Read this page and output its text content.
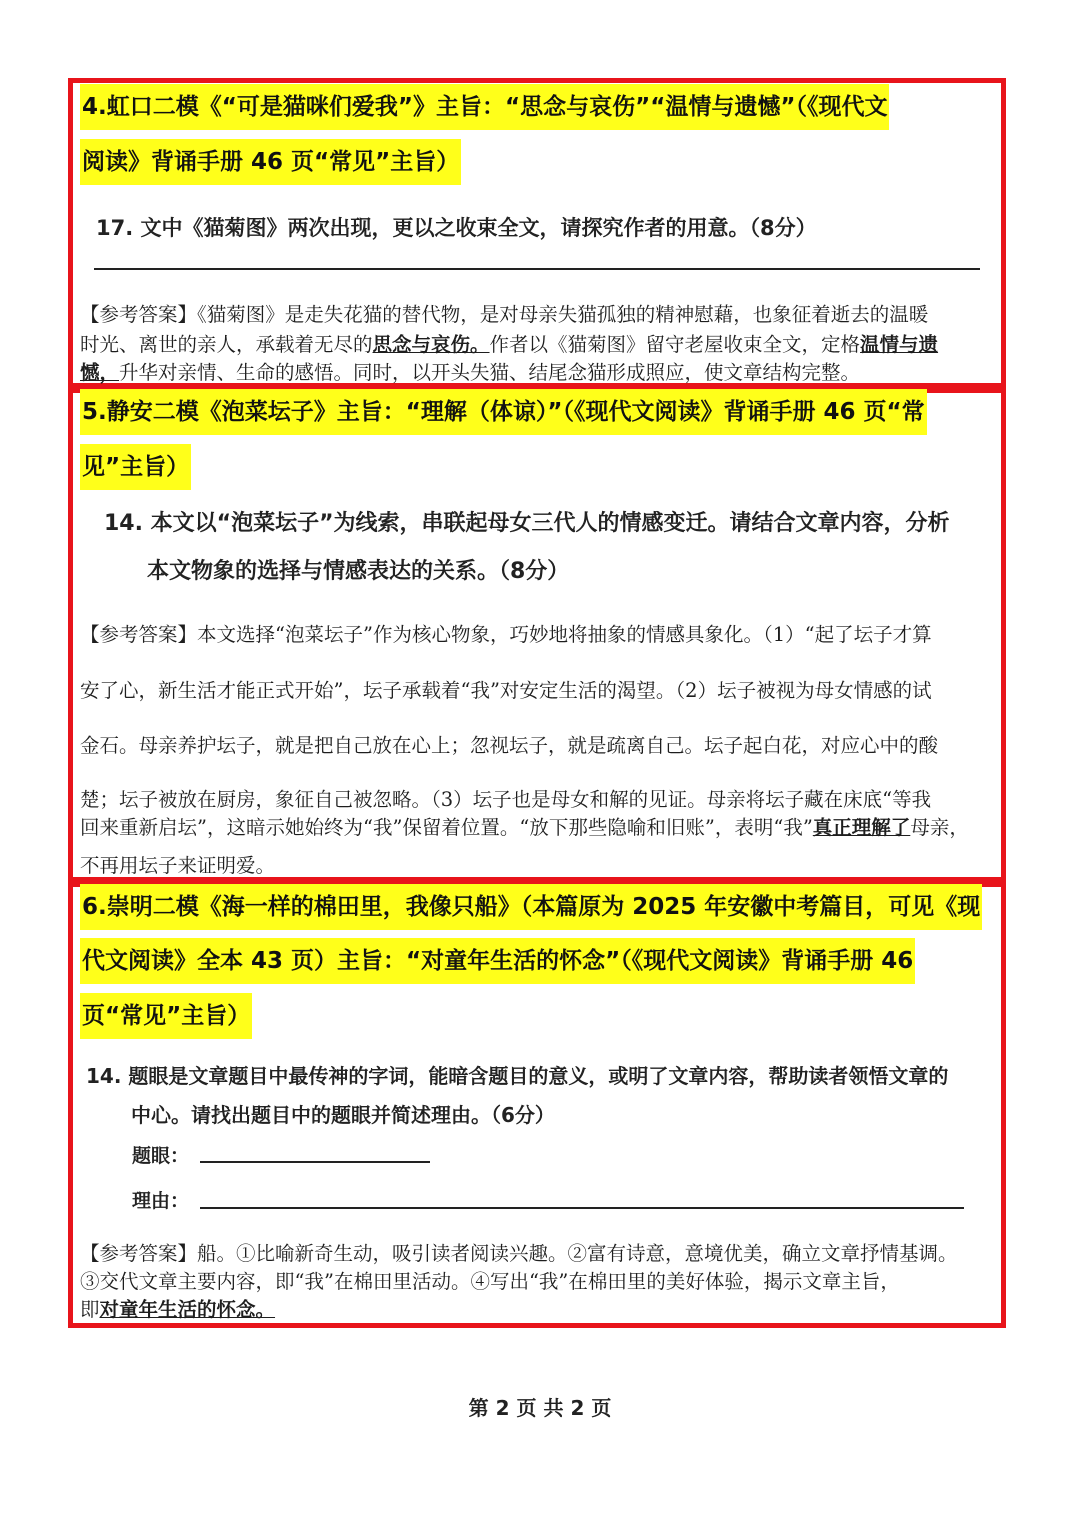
4.虹口二模《“可是猫咪们爱我”》主旨：“思念与哀伤”“温情与遗憾”（《现代文
阅读》背诵手册 46 页“常见”主旨）
17. 文中《猫菊图》两次出现，更以之收束全文，请探究作者的用意。（8分）
【参考答案】《猫菊图》是走失花猫的替代物，是对母亲失猫孤独的精神慰藉，也象征着逝去的温暖
时光、离世的亲人，承载着无尽的思念与哀伤。作者以《猫菊图》留守老屋收束全文，定格温情与遗
憾，升华对亲情、生命的感悟。同时，以开头失猫、结尾念猫形成照应，使文章结构完整。
5.静安二模《泡菜坛子》主旨：“理解（体谅）”（《现代文阅读》背诵手册 46 页“常
见”主旨）
14. 本文以“泡菜坛子”为线索，串联起母女三代人的情感变迁。请结合文章内容，分析
本文物象的选择与情感表达的关系。（8分）
【参考答案】本文选择“泡菜坛子”作为核心物象，巧妙地将抽象的情感具象化。（1）“起了坛子才算
安了心，新生活才能正式开始”，坛子承载着“我”对安定生活的渴望。（2）坛子被视为母女情感的试
金石。母亲养护坛子，就是把自己放在心上；忽视坛子，就是疏离自己。坛子起白花，对应心中的酸
楚；坛子被放在厨房，象征自己被忽略。（3）坛子也是母女和解的见证。母亲将坛子藏在床底“等我
回来重新启坛”，这暗示她始终为“我”保留着位置。“放下那些隐喻和旧账”，表明“我”真正理解了母亲，
不再用坛子来证明爱。
6.崇明二模《海一样的棉田里，我像只船》（本篇原为 2025 年安徽中考篇目，可见《现
代文阅读》全本 43 页）主旨：“对童年生活的怀念”（《现代文阅读》背诵手册 46
页“常见”主旨）
14. 题眼是文章题目中最传神的字词，能暗含题目的意义，或明了文章内容，帮助读者领悟文章的
中心。请找出题目中的题眼并简述理由。（6分）
题眼：
理由：
【参考答案】船。①比喻新奇生动，吸引读者阅读兴趣。②富有诗意，意境优美，确立文章抒情基调。
③交代文章主要内容，即“我”在棉田里活动。④写出“我”在棉田里的美好体验，揭示文章主旨，
即对童年生活的怀念。
第 2 页 共 2 页
